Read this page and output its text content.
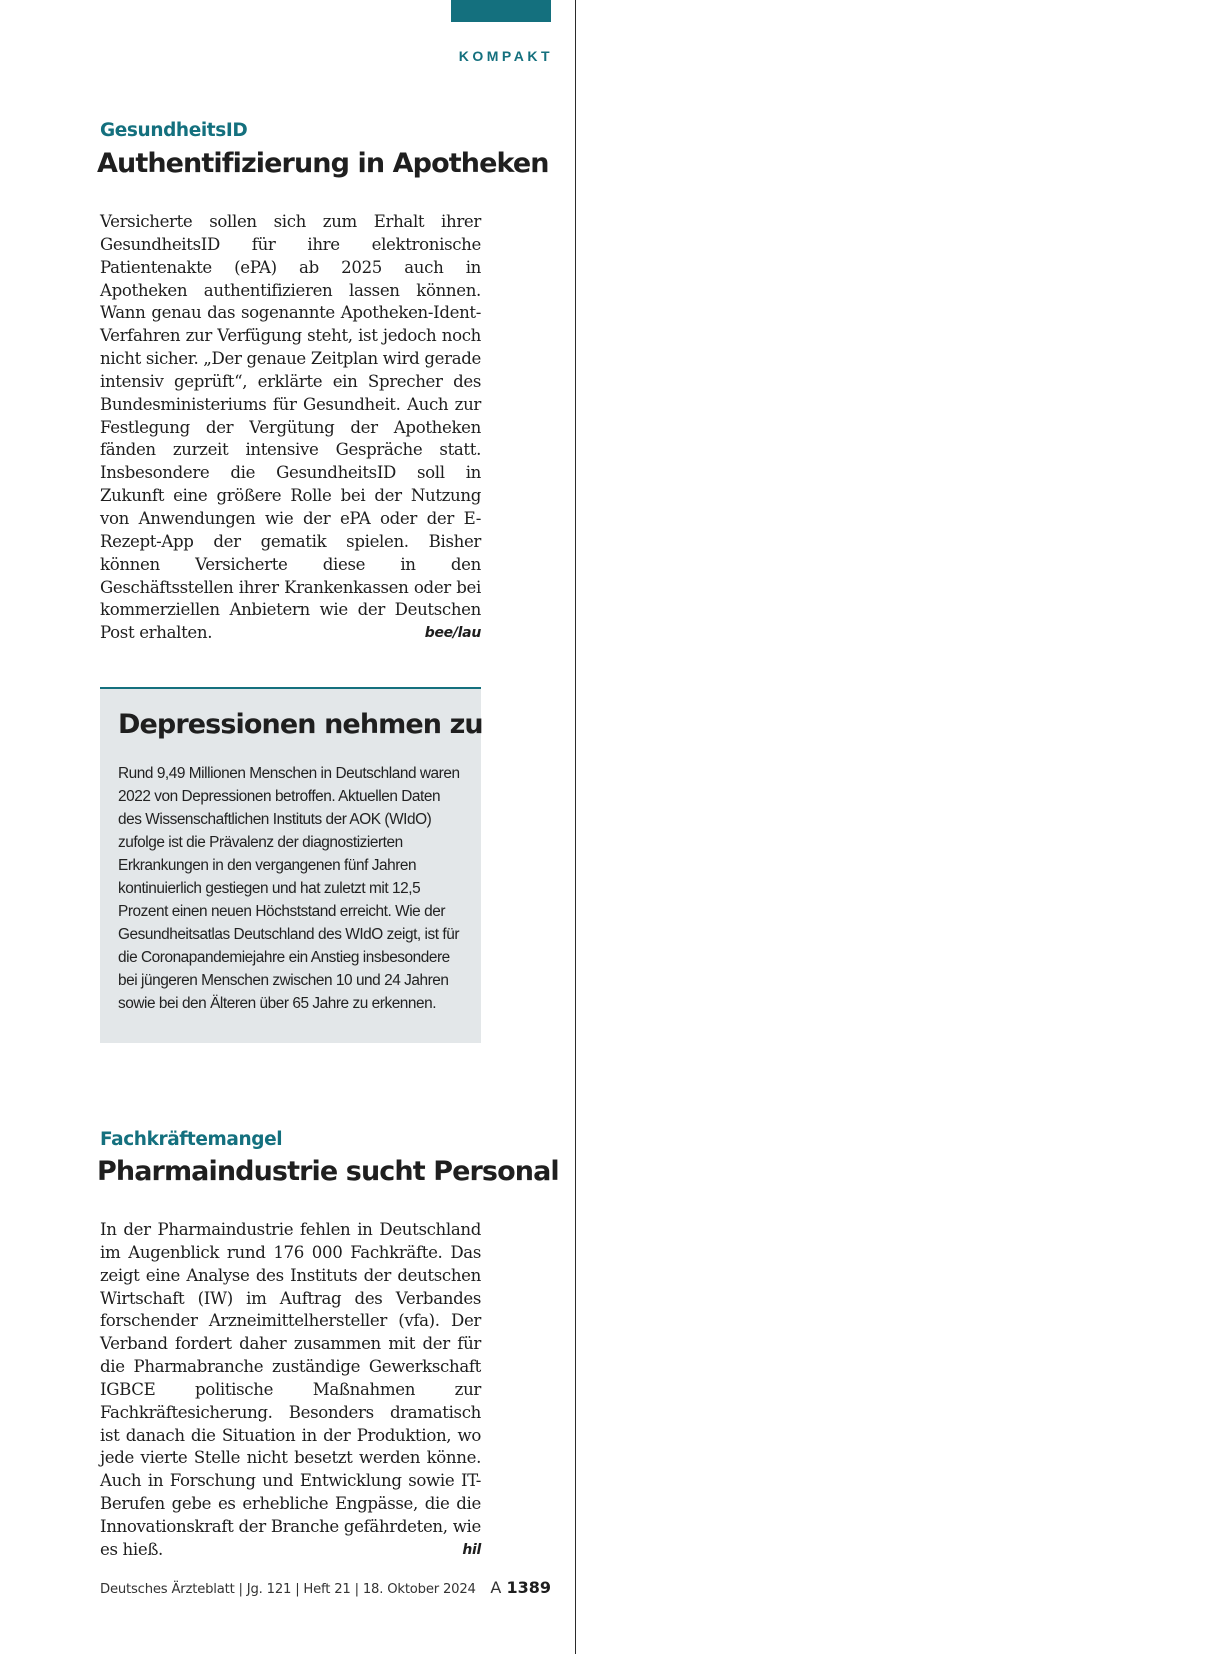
KOMPAKT

GesundheitsID

Authentifizierung in Apotheken

Versicherte sollen sich zum Erhalt ihrer GesundheitsID für ihre elektronische Patientenakte (ePA) ab 2025 auch in Apotheken authentifizieren lassen können. Wann genau das sogenannte Apotheken-Ident-Verfahren zur Verfügung steht, ist jedoch noch nicht sicher. „Der genaue Zeitplan wird gerade intensiv geprüft“, erklärte ein Sprecher des Bundesministeriums für Gesundheit. Auch zur Festlegung der Vergütung der Apotheken fänden zurzeit intensive Gespräche statt. Insbesondere die GesundheitsID soll in Zukunft eine größere Rolle bei der Nutzung von Anwendungen wie der ePA oder der E-Rezept-App der gematik spielen. Bisher können Versicherte diese in den Geschäftsstellen ihrer Krankenkassen oder bei kommerziellen Anbietern wie der Deutschen Post erhalten.	bee/lau

Depressionen nehmen zu

Rund 9,49 Millionen Menschen in Deutschland waren 2022 von Depressionen betroffen. Aktuellen Daten des Wissenschaftlichen Instituts der AOK (WIdO) zufolge ist die Prävalenz der diagnostizierten Erkrankungen in den vergangenen fünf Jahren kontinuierlich gestiegen und hat zuletzt mit 12,5 Prozent einen neuen Höchststand erreicht. Wie der Gesundheitsatlas Deutschland des WIdO zeigt, ist für die Coronapandemiejahre ein Anstieg insbesondere bei jüngeren Menschen zwischen 10 und 24 Jahren sowie bei den Älteren über 65 Jahre zu erkennen.

Fachkräftemangel

Pharmaindustrie sucht Personal

In der Pharmaindustrie fehlen in Deutschland im Augenblick rund 176 000 Fachkräfte. Das zeigt eine Analyse des Instituts der deutschen Wirtschaft (IW) im Auftrag des Verbandes forschender Arzneimittelhersteller (vfa). Der Verband fordert daher zusammen mit der für die Pharmabranche zuständige Gewerkschaft IGBCE politische Maßnahmen zur Fachkräftesicherung. Besonders dramatisch ist danach die Situation in der Produktion, wo jede vierte Stelle nicht besetzt werden könne. Auch in Forschung und Entwicklung sowie IT-Berufen gebe es erhebliche Engpässe, die die Innovationskraft der Branche gefährdeten, wie es hieß.	hil

Deutsches Ärzteblatt | Jg. 121 | Heft 21 | 18. Oktober 2024 A 1389
